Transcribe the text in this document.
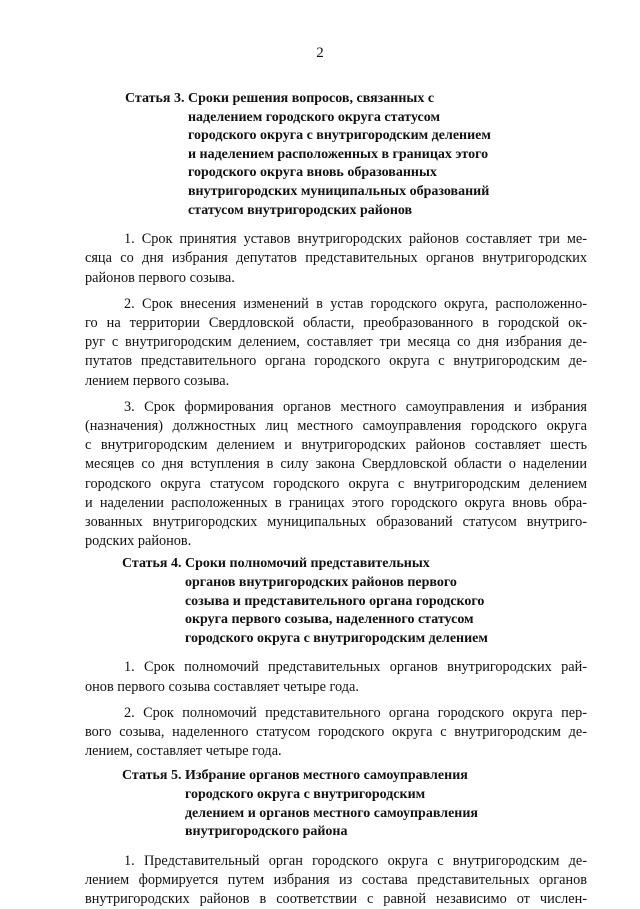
2
Статья 3. Сроки решения вопросов, связанных с
наделением городского округа статусом
городского округа с внутригородским делением
и наделением расположенных в границах этого
городского округа вновь образованных
внутригородских муниципальных образований
статусом внутригородских районов
1. Срок принятия уставов внутригородских районов составляет три ме-
сяца со дня избрания депутатов представительных органов внутригородских
районов первого созыва.
2. Срок внесения изменений в устав городского округа, расположенно-
го на территории Свердловской области, преобразованного в городской ок-
руг с внутригородским делением, составляет три месяца со дня избрания де-
путатов представительного органа городского округа с внутригородским де-
лением первого созыва.
3. Срок формирования органов местного самоуправления и избрания
(назначения) должностных лиц местного самоуправления городского округа
с внутригородским делением и внутригородских районов составляет шесть
месяцев со дня вступления в силу закона Свердловской области о наделении
городского округа статусом городского округа с внутригородским делением
и наделении расположенных в границах этого городского округа вновь обра-
зованных внутригородских муниципальных образований статусом внутриго-
родских районов.
Статья 4. Сроки полномочий представительных
органов внутригородских районов первого
созыва и представительного органа городского
округа первого созыва, наделенного статусом
городского округа с внутригородским делением
1. Срок полномочий представительных органов внутригородских рай-
онов первого созыва составляет четыре года.
2. Срок полномочий представительного органа городского округа пер-
вого созыва, наделенного статусом городского округа с внутригородским де-
лением, составляет четыре года.
Статья 5. Избрание органов местного самоуправления
городского округа с внутригородским
делением и органов местного самоуправления
внутригородского района
1. Представительный орган городского округа с внутригородским де-
лением формируется путем избрания из состава представительных органов
внутригородских районов в соответствии с равной независимо от числен-
